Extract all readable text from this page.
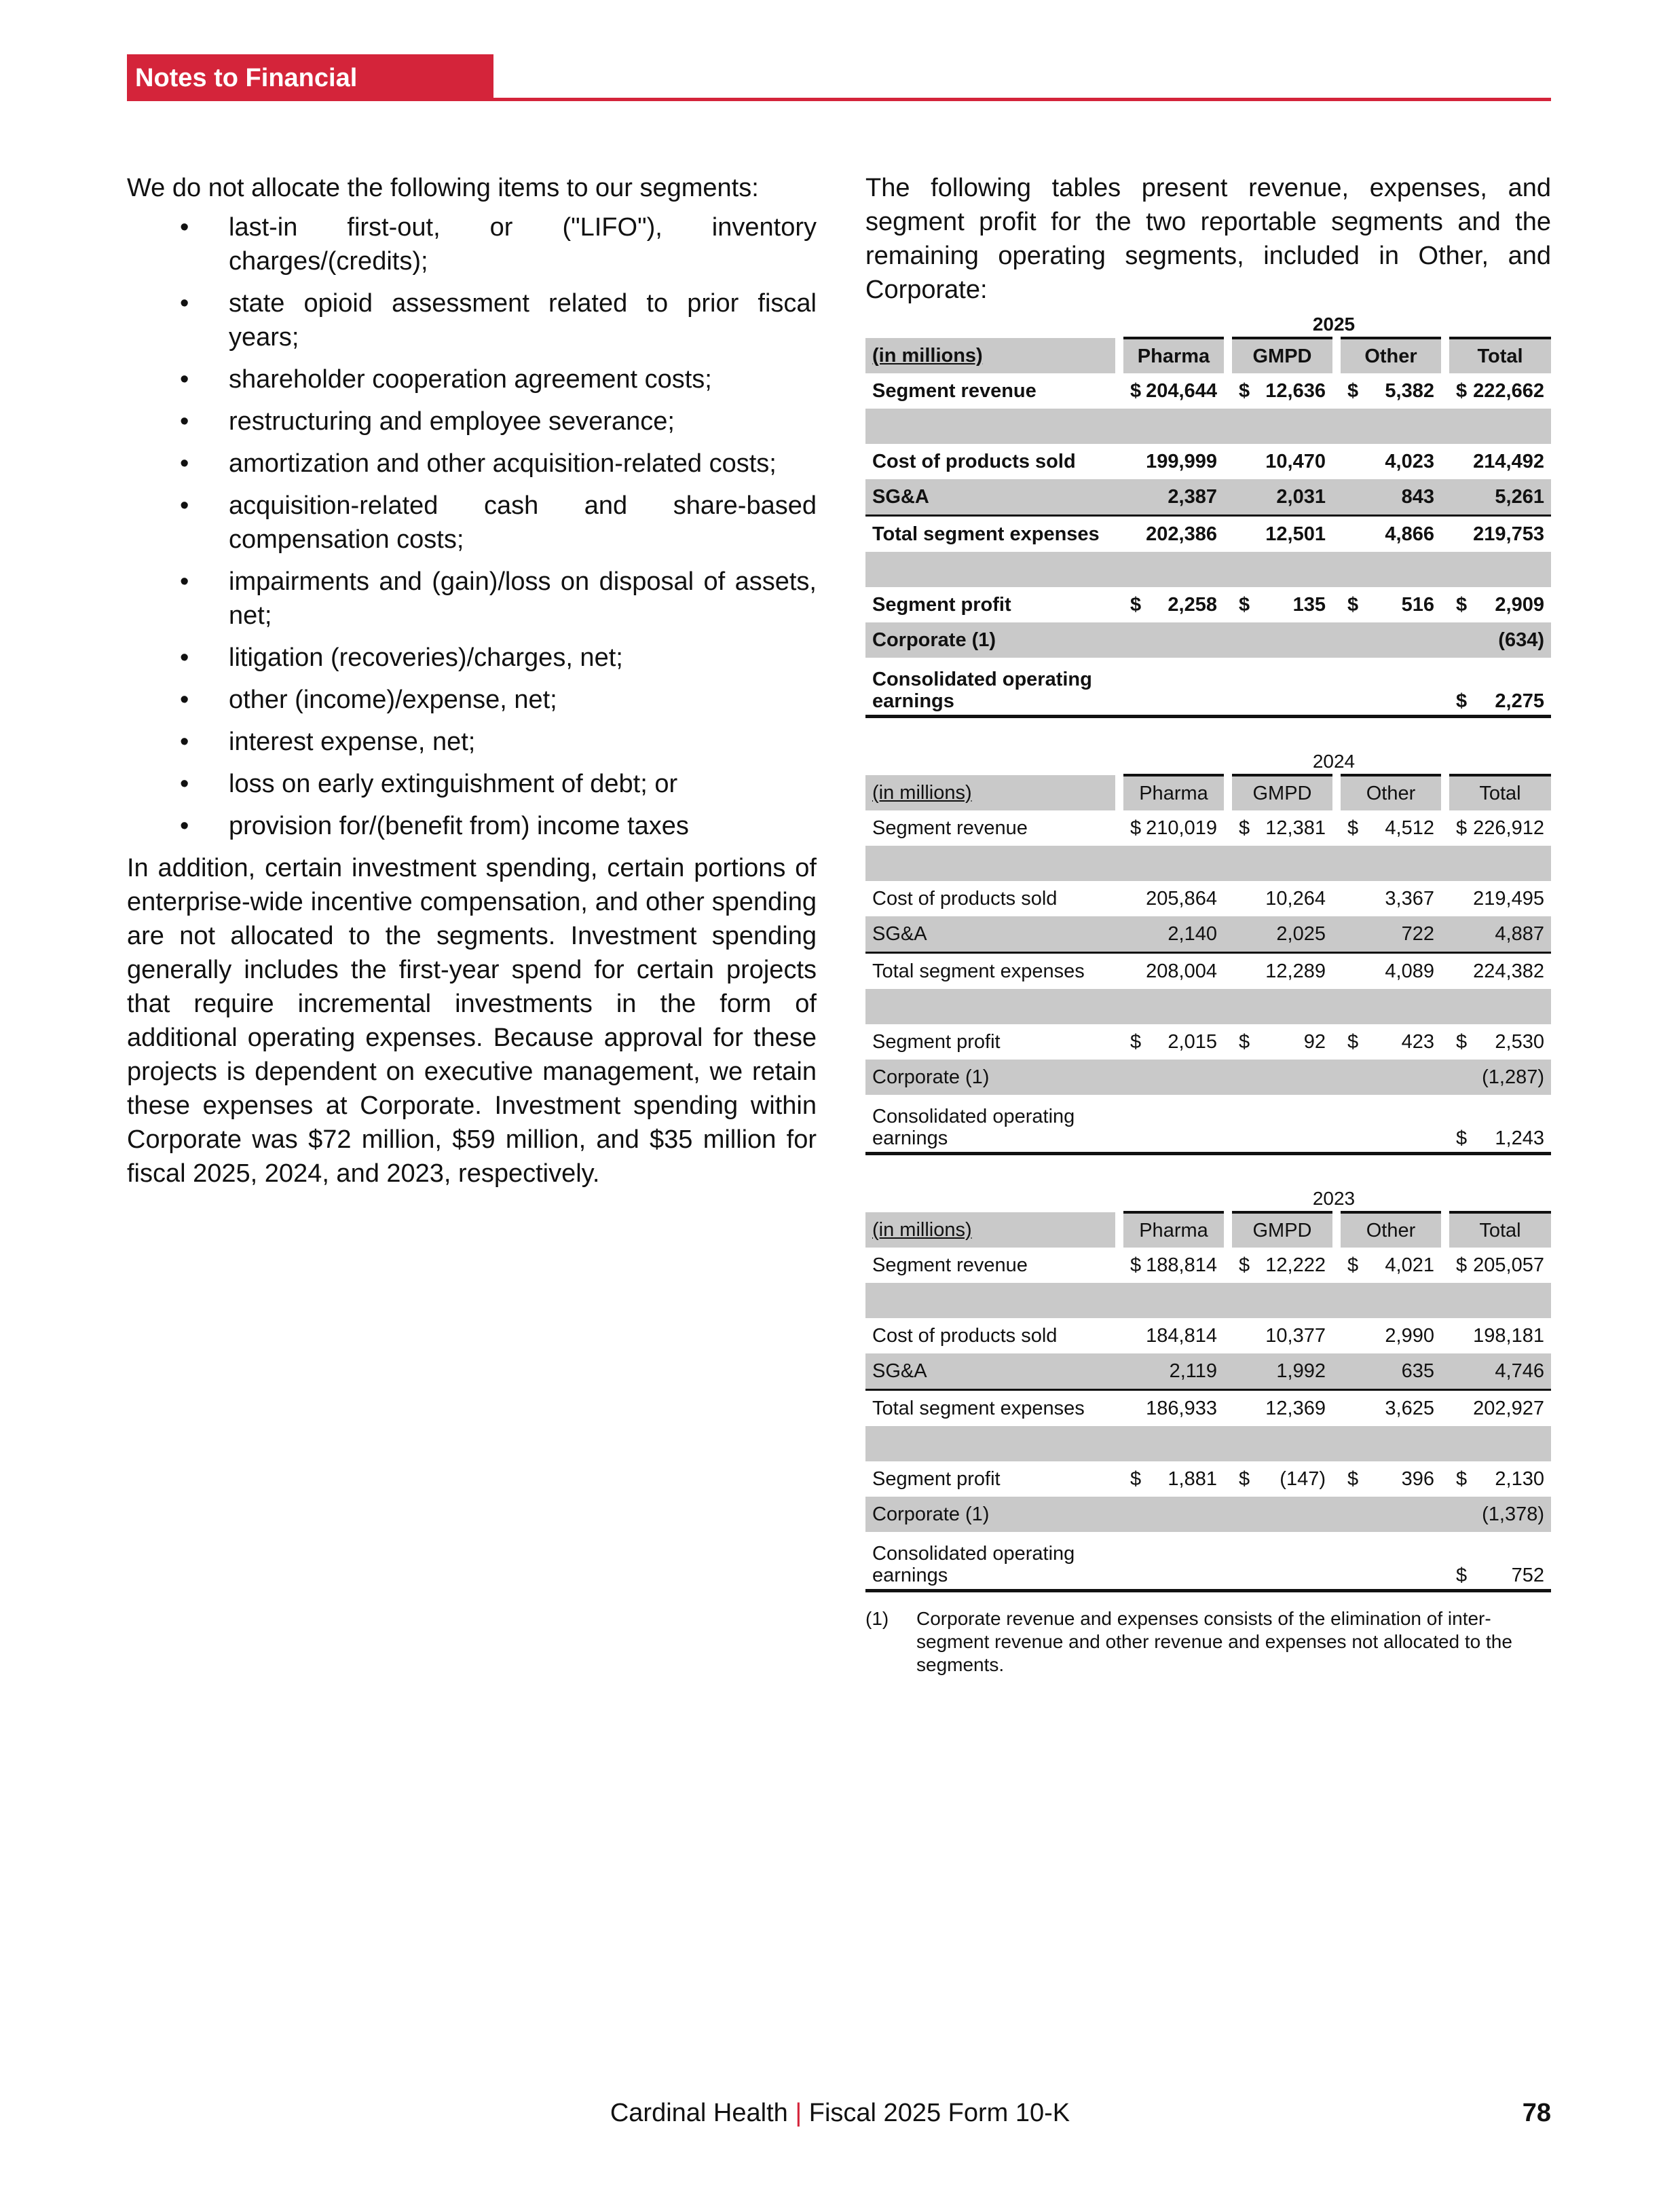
Notes to Financial Statements

We do not allocate the following items to our segments:

• last-in first-out, or ("LIFO"), inventory charges/(credits);
• state opioid assessment related to prior fiscal years;
• shareholder cooperation agreement costs;
• restructuring and employee severance;
• amortization and other acquisition-related costs;
• acquisition-related cash and share-based compensation costs;
• impairments and (gain)/loss on disposal of assets, net;
• litigation (recoveries)/charges, net;
• other (income)/expense, net;
• interest expense, net;
• loss on early extinguishment of debt; or
• provision for/(benefit from) income taxes

In addition, certain investment spending, certain portions of enterprise-wide incentive compensation, and other spending are not allocated to the segments. Investment spending generally includes the first-year spend for certain projects that require incremental investments in the form of additional operating expenses. Because approval for these projects is dependent on executive management, we retain these expenses at Corporate. Investment spending within Corporate was $72 million, $59 million, and $35 million for fiscal 2025, 2024, and 2023, respectively.

The following tables present revenue, expenses, and segment profit for the two reportable segments and the remaining operating segments, included in Other, and Corporate:

2025
(in millions)		Pharma		GMPD		Other		Total
Segment revenue		$ 204,644		$ 12,636		$ 5,382		$ 222,662

Cost of products sold		199,999		10,470		4,023		214,492
SG&A		2,387		2,031		843		5,261
Total segment expenses		202,386		12,501		4,866		219,753

Segment profit		$ 2,258		$ 135		$ 516		$ 2,909
Corporate (1)								(634)
Consolidated operating earnings								$ 2,275
2024
(in millions)		Pharma		GMPD		Other		Total
Segment revenue		$ 210,019		$ 12,381		$ 4,512		$ 226,912

Cost of products sold		205,864		10,264		3,367		219,495
SG&A		2,140		2,025		722		4,887
Total segment expenses		208,004		12,289		4,089		224,382

Segment profit		$ 2,015		$ 92		$ 423		$ 2,530
Corporate (1)								(1,287)
Consolidated operating earnings								$ 1,243
2023
(in millions)		Pharma		GMPD		Other		Total
Segment revenue		$ 188,814		$ 12,222		$ 4,021		$ 205,057

Cost of products sold		184,814		10,377		2,990		198,181
SG&A		2,119		1,992		635		4,746
Total segment expenses		186,933		12,369		3,625		202,927

Segment profit		$ 1,881		$ (147)		$ 396		$ 2,130
Corporate (1)								(1,378)
Consolidated operating earnings								$ 752
(1)	Corporate revenue and expenses consists of the elimination of inter-segment revenue and other revenue and expenses not allocated to the segments.
Cardinal Health | Fiscal 2025 Form 10-K	78
